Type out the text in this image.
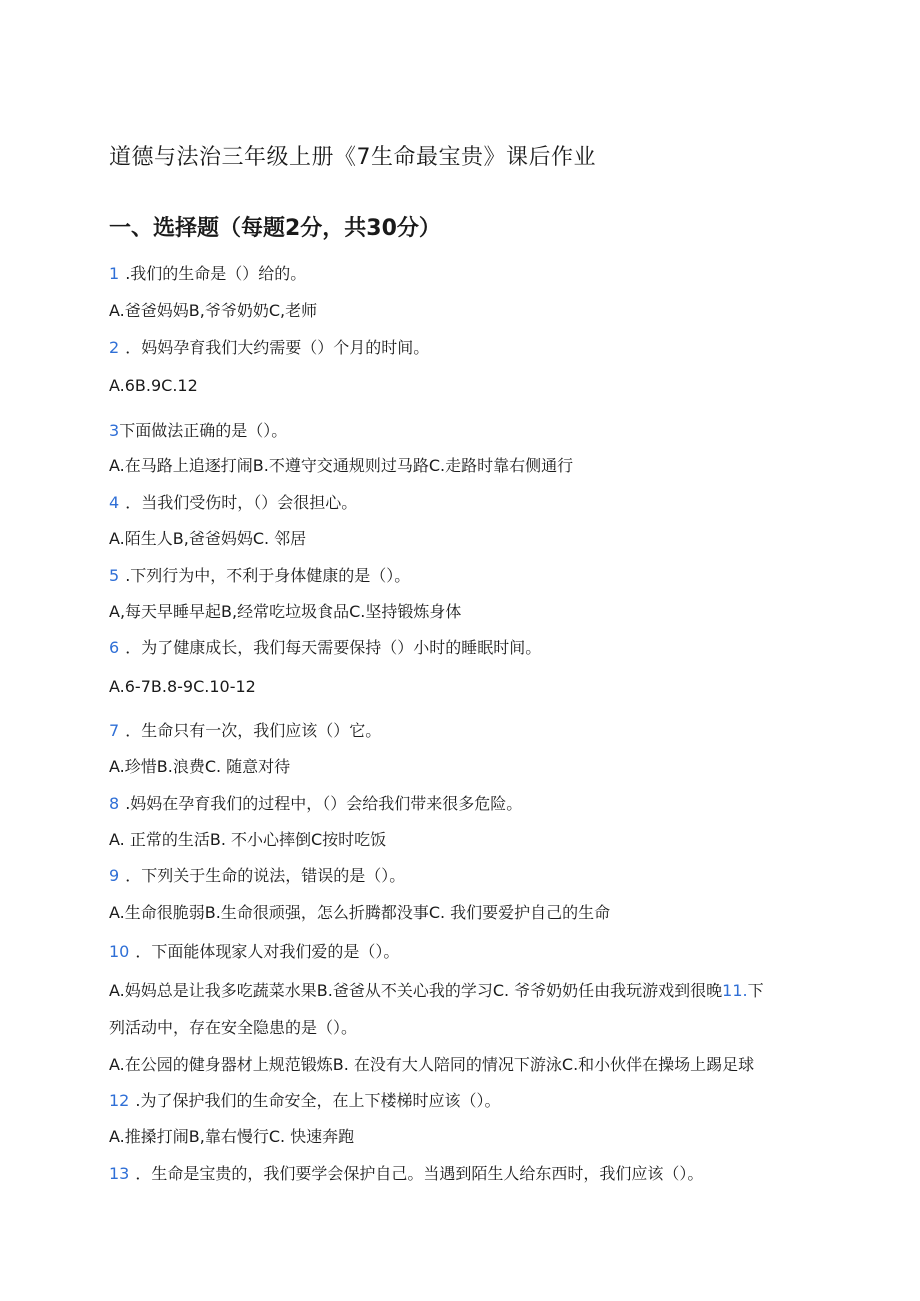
道德与法治三年级上册《7生命最宝贵》课后作业
一、选择题（每题2分，共30分）
1 .我们的生命是（）给的。
A.爸爸妈妈B,爷爷奶奶C,老师
2 ．妈妈孕育我们大约需要（）个月的时间。
A.6B.9C.12
3下面做法正确的是（）。
A.在马路上追逐打闹B.不遵守交通规则过马路C.走路时靠右侧通行
4 ．当我们受伤时，（）会很担心。
A.陌生人B,爸爸妈妈C. 邻居
5 .下列行为中，不利于身体健康的是（）。
A,每天早睡早起B,经常吃垃圾食品C.坚持锻炼身体
6 ．为了健康成长，我们每天需要保持（）小时的睡眠时间。
A.6-7B.8-9C.10-12
7 ．生命只有一次，我们应该（）它。
A.珍惜B.浪费C. 随意对待
8 .妈妈在孕育我们的过程中，（）会给我们带来很多危险。
A. 正常的生活B. 不小心摔倒C按时吃饭
9 ．下列关于生命的说法，错误的是（）。
A.生命很脆弱B.生命很顽强，怎么折腾都没事C. 我们要爱护自己的生命
10 ．下面能体现家人对我们爱的是（）。
A.妈妈总是让我多吃蔬菜水果B.爸爸从不关心我的学习C. 爷爷奶奶任由我玩游戏到很晚11.下
列活动中，存在安全隐患的是（）。
A.在公园的健身器材上规范锻炼B. 在没有大人陪同的情况下游泳C.和小伙伴在操场上踢足球
12 .为了保护我们的生命安全，在上下楼梯时应该（）。
A.推搡打闹B,靠右慢行C. 快速奔跑
13 ．生命是宝贵的，我们要学会保护自己。当遇到陌生人给东西时，我们应该（）。
